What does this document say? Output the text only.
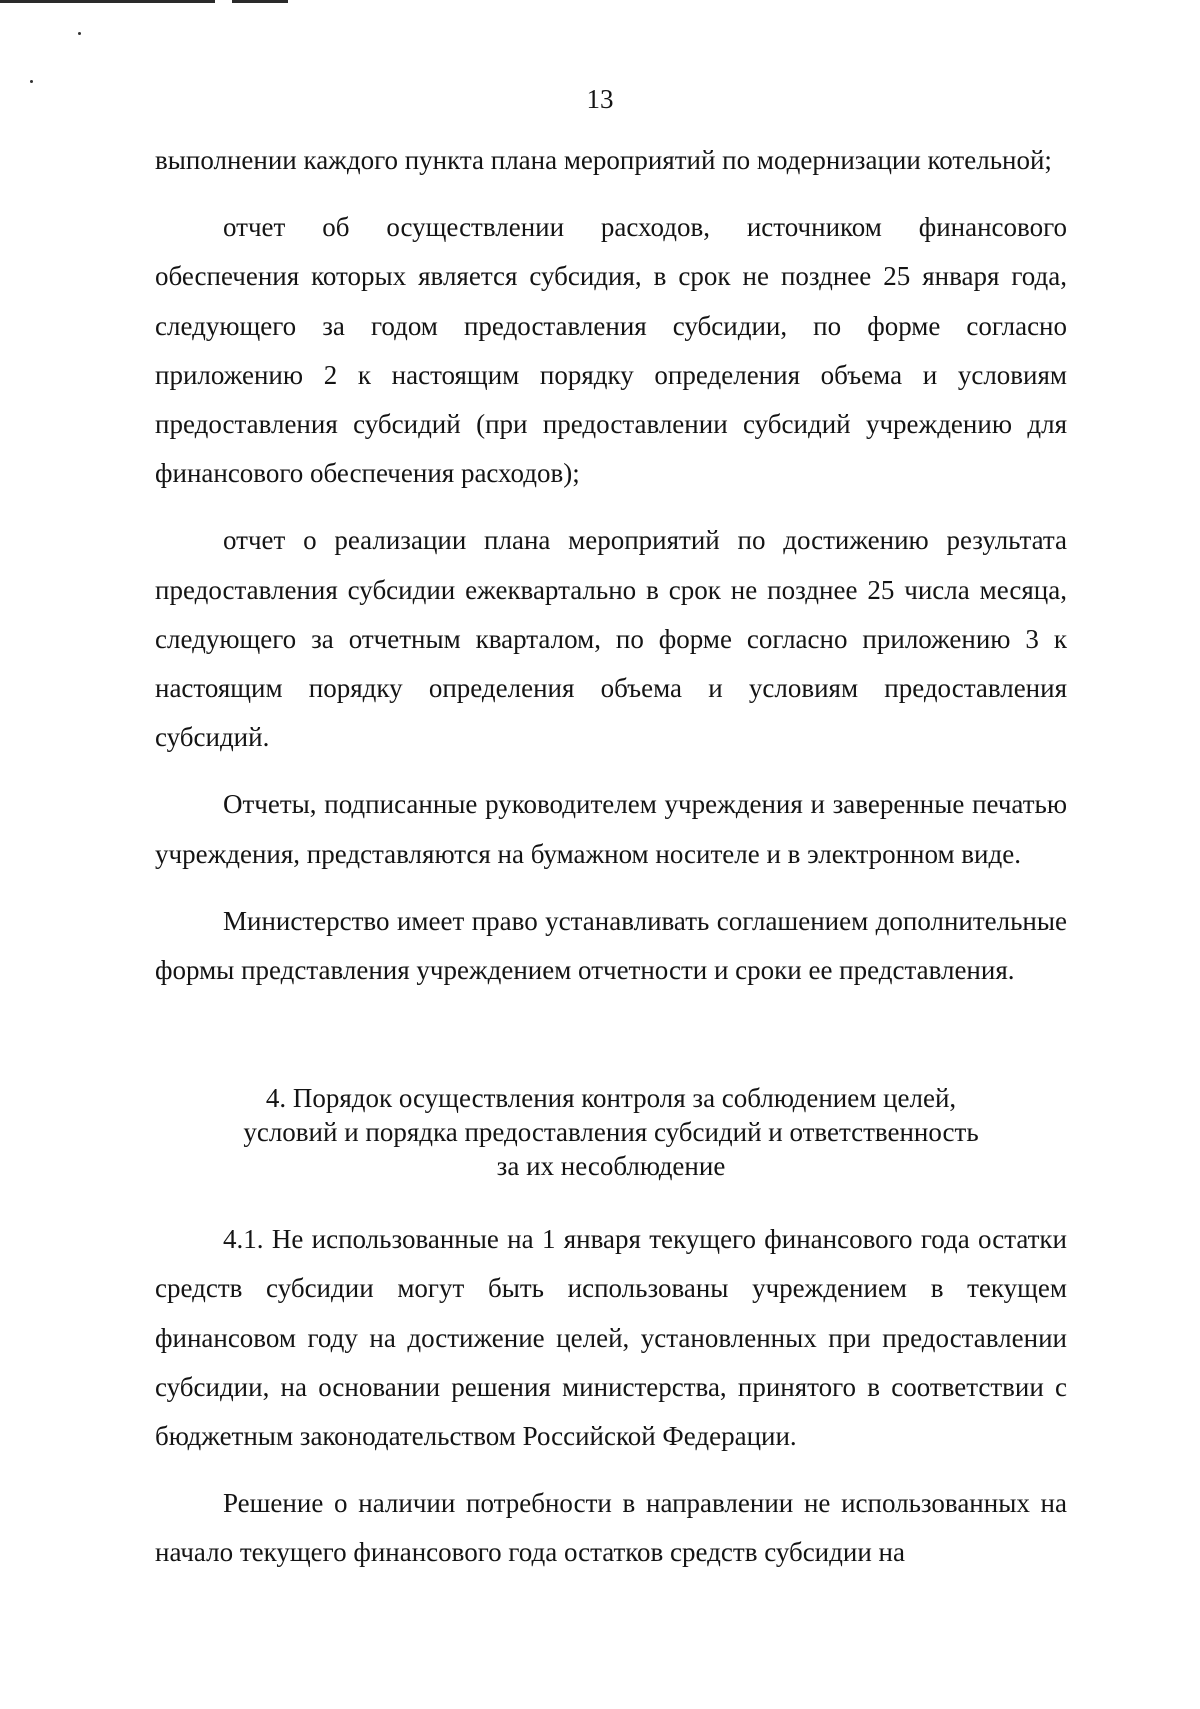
13

выполнении каждого пункта плана мероприятий по модернизации котельной;

отчет об осуществлении расходов, источником финансового обеспечения которых является субсидия, в срок не позднее 25 января года, следующего за годом предоставления субсидии, по форме согласно приложению 2 к настоящим порядку определения объема и условиям предоставления субсидий (при предоставлении субсидий учреждению для финансового обеспечения расходов);

отчет о реализации плана мероприятий по достижению результата предоставления субсидии ежеквартально в срок не позднее 25 числа месяца, следующего за отчетным кварталом, по форме согласно приложению 3 к настоящим порядку определения объема и условиям предоставления субсидий.

Отчеты, подписанные руководителем учреждения и заверенные печатью учреждения, представляются на бумажном носителе и в электронном виде.

Министерство имеет право устанавливать соглашением дополнительные формы представления учреждением отчетности и сроки ее представления.

4. Порядок осуществления контроля за соблюдением целей,
условий и порядка предоставления субсидий и ответственность
за их несоблюдение

4.1. Не использованные на 1 января текущего финансового года остатки средств субсидии могут быть использованы учреждением в текущем финансовом году на достижение целей, установленных при предоставлении субсидии, на основании решения министерства, принятого в соответствии с бюджетным законодательством Российской Федерации.

Решение о наличии потребности в направлении не использованных на начало текущего финансового года остатков средств субсидии на
